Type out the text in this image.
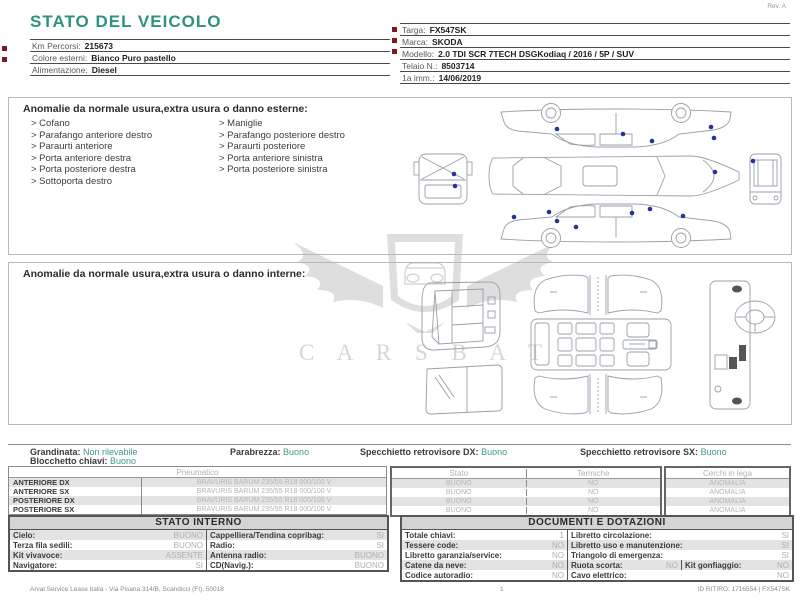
Rev. A
STATO DEL VEICOLO
Km Percorsi: 215673
Colore esterni: Bianco Puro pastello
Alimentazione: Diesel
Targa: FX547SK
Marca: SKODA
Modello: 2.0 TDI SCR 7TECH DSGKodiaq / 2016 / 5P / SUV
Telaio N.: 8503714
1a imm.: 14/06/2019
C A R S B A T
Anomalie da normale usura,extra usura o danno esterne:
> Cofano
> Parafango anteriore destro
> Paraurti anteriore
> Porta anteriore destra
> Porta posteriore destra
> Sottoporta destro
> Maniglie
> Parafango posteriore destro
> Paraurti posteriore
> Porta anteriore sinistra
> Porta posteriore sinistra
Anomalie da normale usura,extra usura o danno interne:
Grandinata: Non rilevabile
Blocchetto chiavi: Buono
Parabrezza: Buono	Specchietto retrovisore DX: Buono	Specchietto retrovisore SX: Buono
Pneumatico
ANTERIORE DX	BRAVURIS BARUM 235/55 R18 000/100 V
ANTERIORE SX	BRAVURIS BARUM 235/55 R18 000/100 V
POSTERIORE DX	BRAVURIS BARUM 235/55 R18 000/100 V
POSTERIORE SX	BRAVURIS BARUM 235/55 R18 000/100 V
Stato	Termiche
BUONO	NO
BUONO	NO
BUONO	NO
BUONO	NO
Cerchi in lega
ANOMALIA
ANOMALIA
ANOMALIA
ANOMALIA
STATO INTERNO
Cielo:	BUONO Cappelliera/Tendina copribag:	SI
Terza fila sedili:	BUONO Radio:	SI
Kit vivavoce:	ASSENTE Antenna radio:	BUONO
Navigatore:	SI CD(Navig.):	BUONO
DOCUMENTI E DOTAZIONI
Totale chiavi:	1 Libretto circolazione:	SI
Tessere code:	NO Libretto uso e manutenzione:	SI
Libretto garanzia/service:	NO Triangolo di emergenza:	SI
Catene da neve:	NO Ruota scorta:	NO Kit gonfiaggio:	NO
Codice autoradio:	NO Cavo elettrico:	NO
Arval Service Lease Italia - Via Pisana 314/B, Scandicci (FI), 50018	1	ID RITIRO: 1716554 | FX547SK
